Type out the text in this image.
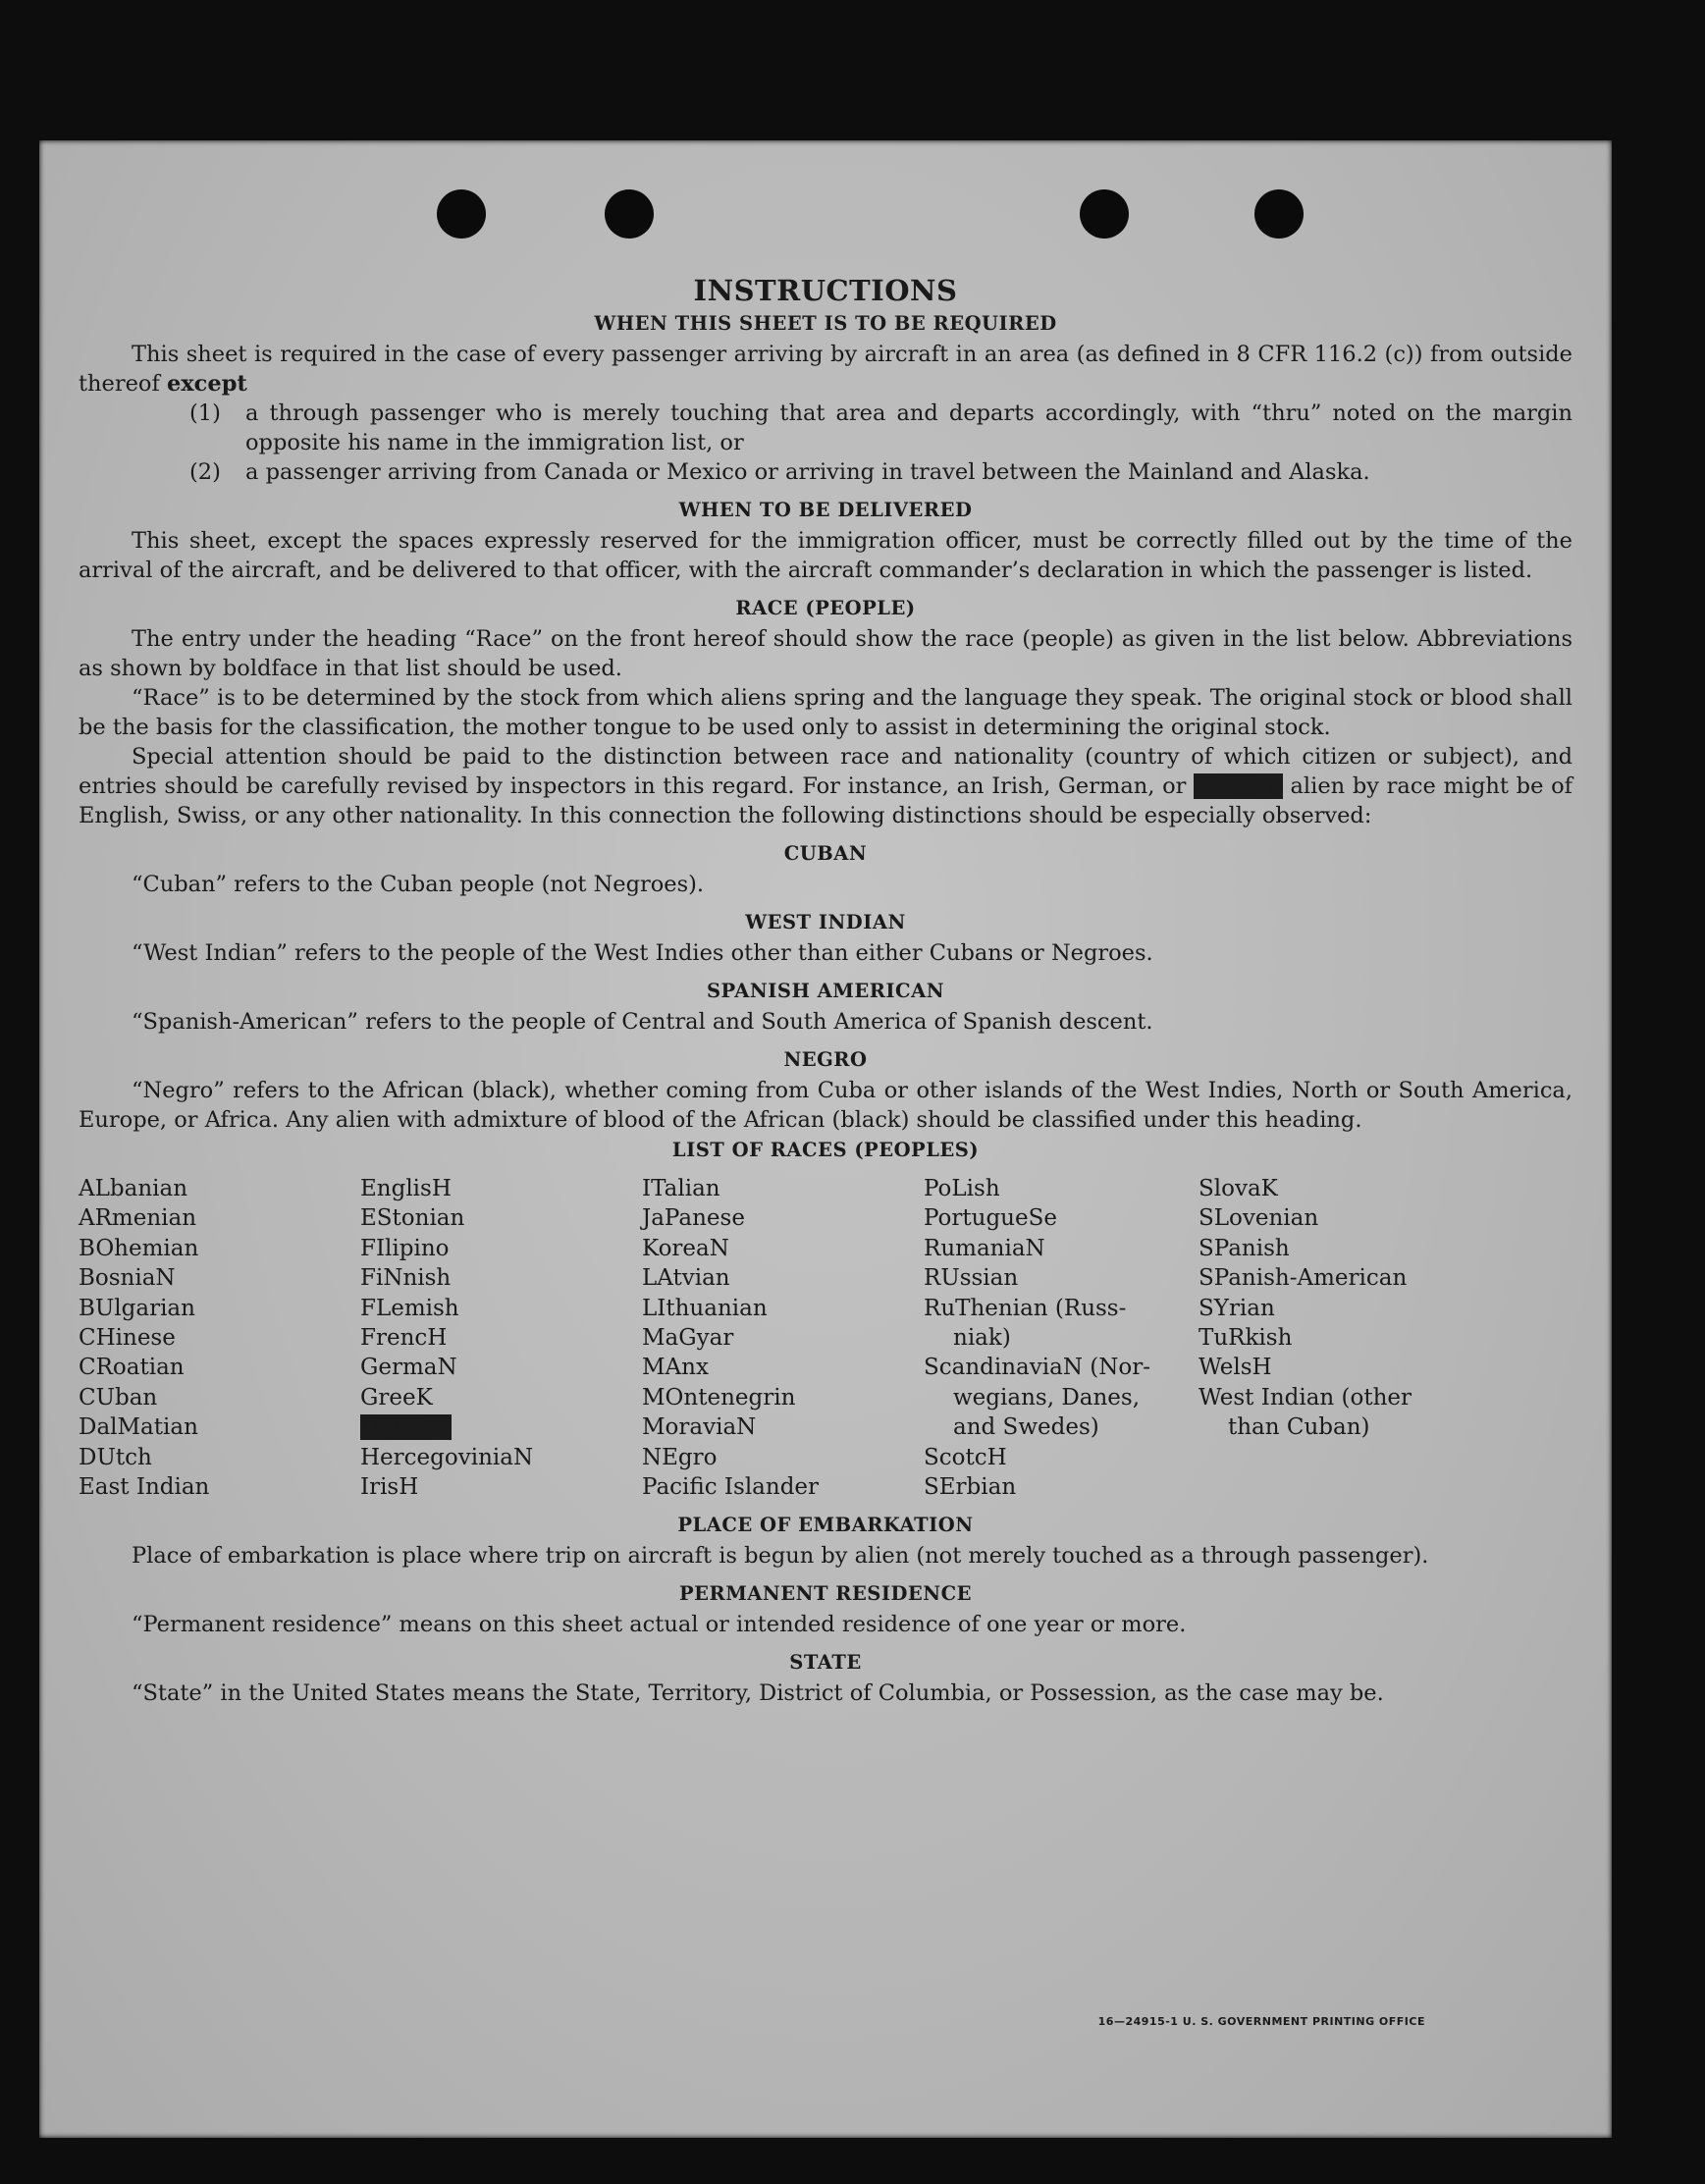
INSTRUCTIONS
WHEN THIS SHEET IS TO BE REQUIRED

This sheet is required in the case of every passenger arriving by aircraft in an area (as defined in 8 CFR 116.2 (c)) from outside thereof except

(1)	a through passenger who is merely touching that area and departs accordingly, with “thru” noted on the margin opposite his name in the immigration list, or
(2)	a passenger arriving from Canada or Mexico or arriving in travel between the Mainland and Alaska.
WHEN TO BE DELIVERED

This sheet, except the spaces expressly reserved for the immigration officer, must be correctly filled out by the time of the arrival of the aircraft, and be delivered to that officer, with the aircraft commander’s declaration in which the passenger is listed.

RACE (PEOPLE)

The entry under the heading “Race” on the front hereof should show the race (people) as given in the list below. Abbreviations as shown by boldface in that list should be used.

“Race” is to be determined by the stock from which aliens spring and the language they speak. The original stock or blood shall be the basis for the classification, the mother tongue to be used only to assist in determining the original stock.

Special attention should be paid to the distinction between race and nationality (country of which citizen or subject), and entries should be carefully revised by inspectors in this regard. For instance, an Irish, German, or Hebrew alien by race might be of English, Swiss, or any other nationality. In this connection the following distinctions should be especially observed:

CUBAN

“Cuban” refers to the Cuban people (not Negroes).

WEST INDIAN

“West Indian” refers to the people of the West Indies other than either Cubans or Negroes.

SPANISH AMERICAN

“Spanish-American” refers to the people of Central and South America of Spanish descent.

NEGRO

“Negro” refers to the African (black), whether coming from Cuba or other islands of the West Indies, North or South America, Europe, or Africa. Any alien with admixture of blood of the African (black) should be classified under this heading.

LIST OF RACES (PEOPLES)
ALbanian
ARmenian
BOhemian
BosniaN
BUlgarian
CHinese
CRoatian
CUban
DalMatian
DUtch
East Indian
EnglisH
EStonian
FIlipino
FiNnish
FLemish
FrencH
GermaN
GreeK
Hebrew
HercegoviniaN
IrisH
ITalian
JaPanese
KoreaN
LAtvian
LIthuanian
MaGyar
MAnx
MOntenegrin
MoraviaN
NEgro
Pacific Islander
PoLish
PortugueSe
RumaniaN
RUssian
RuThenian (Russ-
niak)
ScandinaviaN (Nor-
wegians, Danes,
and Swedes)
ScotcH
SErbian
SlovaK
SLovenian
SPanish
SPanish-American
SYrian
TuRkish
WelsH
West Indian (other
than Cuban)
PLACE OF EMBARKATION

Place of embarkation is place where trip on aircraft is begun by alien (not merely touched as a through passenger).

PERMANENT RESIDENCE

“Permanent residence” means on this sheet actual or intended residence of one year or more.

STATE

“State” in the United States means the State, Territory, District of Columbia, or Possession, as the case may be.

16—24915-1 U. S. GOVERNMENT PRINTING OFFICE
